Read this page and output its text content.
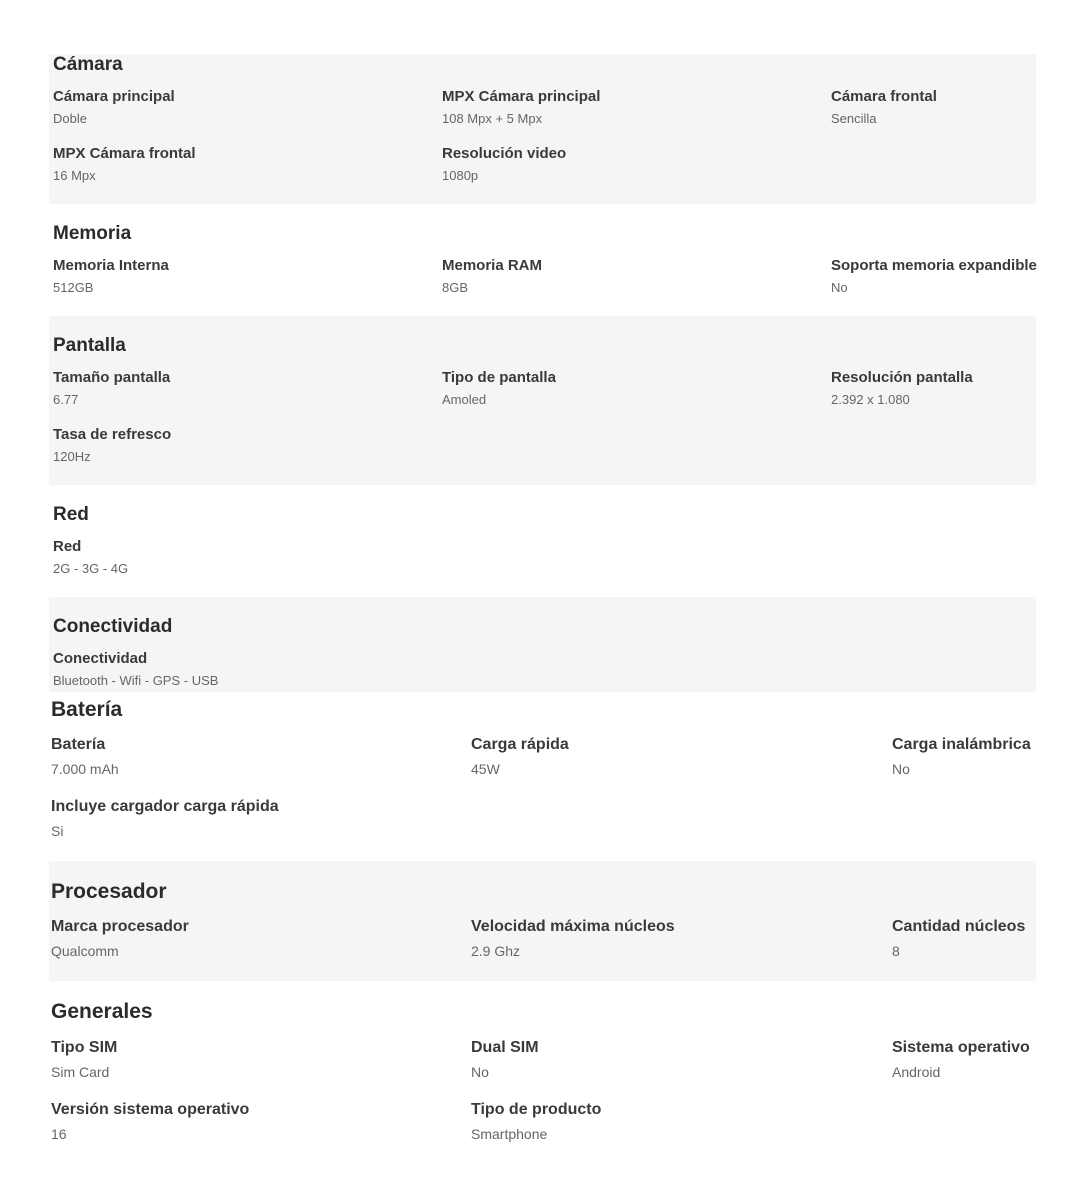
Cámara
Cámara principal
Doble
MPX Cámara principal
108 Mpx + 5 Mpx
Cámara frontal
Sencilla
MPX Cámara frontal
16 Mpx
Resolución video
1080p
Memoria
Memoria Interna
512GB
Memoria RAM
8GB
Soporta memoria expandible
No
Pantalla
Tamaño pantalla
6.77
Tipo de pantalla
Amoled
Resolución pantalla
2.392 x 1.080
Tasa de refresco
120Hz
Red
Red
2G - 3G - 4G
Conectividad
Conectividad
Bluetooth - Wifi - GPS - USB
Batería
Batería
7.000 mAh
Carga rápida
45W
Carga inalámbrica
No
Incluye cargador carga rápida
Si
Procesador
Marca procesador
Qualcomm
Velocidad máxima núcleos
2.9 Ghz
Cantidad núcleos
8
Generales
Tipo SIM
Sim Card
Dual SIM
No
Sistema operativo
Android
Versión sistema operativo
16
Tipo de producto
Smartphone
